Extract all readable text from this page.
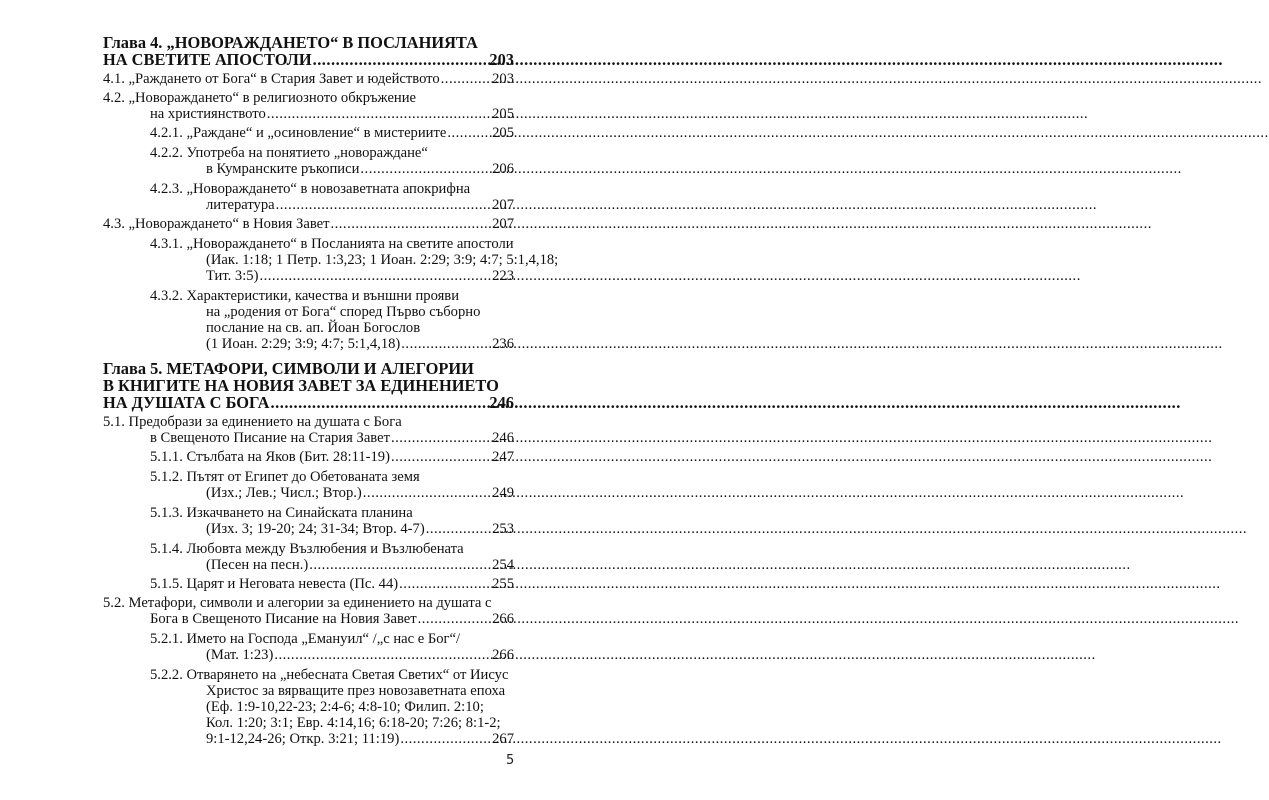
Глава 4. „НОВОРАЖДАНЕТО“ В ПОСЛАНИЯТА
НА СВЕТИТЕ АПОСТОЛИ .....	203
4.1. „Раждането от Бога“ в Стария Завет и юдейството .....	203
4.2. „Новораждането“ в религиозното обкръжение
на християнството .....	205
4.2.1. „Раждане“ и „осиновление“ в мистериите .....	205
4.2.2. Употреба на понятието „новораждане“
в Кумранските ръкописи .....	206
4.2.3. „Новораждането“ в новозаветната апокрифна
литература .....	207
4.3. „Новораждането“ в Новия Завет .....	207
4.3.1. „Новораждането“ в Посланията на светите апостоли
(Иак. 1:18; 1 Петр. 1:3,23; 1 Иоан. 2:29; 3:9; 4:7; 5:1,4,18;
Тит. 3:5) .....	223
4.3.2. Характеристики, качества и външни прояви
на „родения от Бога“ според Първо съборно
послание на св. ап. Йоан Богослов
(1 Иоан. 2:29; 3:9; 4:7; 5:1,4,18) .....	236
Глава 5. МЕТАФОРИ, СИМВОЛИ И АЛЕГОРИИ
В КНИГИТЕ НА НОВИЯ ЗАВЕТ ЗА ЕДИНЕНИЕТО
НА ДУШАТА С БОГА .....	246
5.1. Предобрази за единението на душата с Бога
в Свещеното Писание на Стария Завет .....	246
5.1.1. Стълбата на Яков (Бит. 28:11-19) .....	247
5.1.2. Пътят от Египет до Обетованата земя
(Изх.; Лев.; Числ.; Втор.) .....	249
5.1.3. Изкачването на Синайската планина
(Изх. 3; 19-20; 24; 31-34; Втор. 4-7) .....	253
5.1.4. Любовта между Възлюбения и Възлюбената
(Песен на песн.) .....	254
5.1.5. Царят и Неговата невеста (Пс. 44) .....	255
5.2. Метафори, символи и алегории за единението на душата с
Бога в Свещеното Писание на Новия Завет .....	266
5.2.1. Името на Господа „Емануил“ /„с нас е Бог“/
(Мат. 1:23) .....	266
5.2.2. Отварянето на „небесната Светая Светих“ от Иисус
Христос за вярващите през новозаветната епоха
(Еф. 1:9-10,22-23; 2:4-6; 4:8-10; Филип. 2:10;
Кол. 1:20; 3:1; Евр. 4:14,16; 6:18-20; 7:26; 8:1-2;
9:1-12,24-26; Откр. 3:21; 11:19) .....	267
5
